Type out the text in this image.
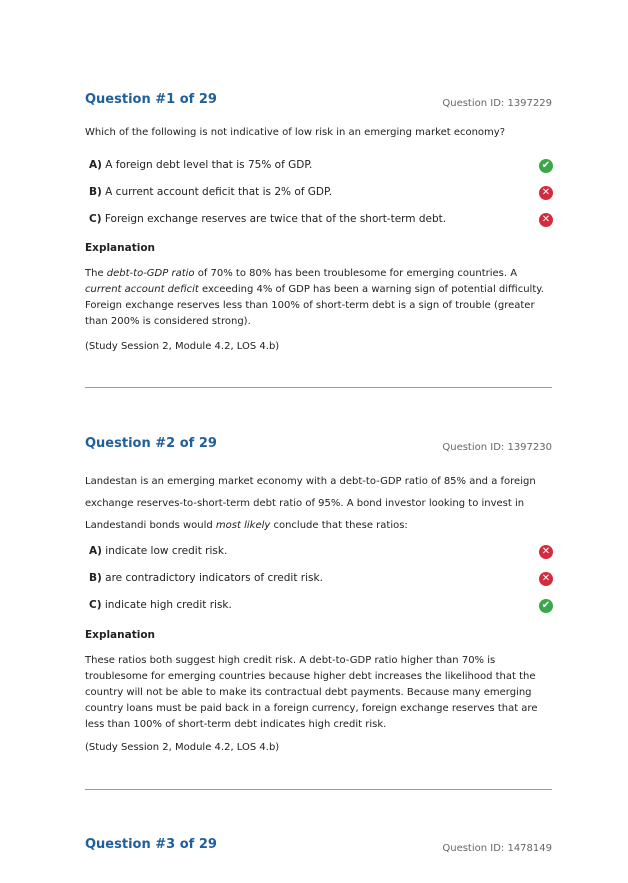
Question #1 of 29	Question ID: 1397229

Which of the following is not indicative of low risk in an emerging market economy?

A) A foreign debt level that is 75% of GDP.	✔
B) A current account deficit that is 2% of GDP.	✕
C) Foreign exchange reserves are twice that of the short-term debt.	✕
Explanation

The debt-to-GDP ratio of 70% to 80% has been troublesome for emerging countries. A current account deficit exceeding 4% of GDP has been a warning sign of potential difficulty. Foreign exchange reserves less than 100% of short-term debt is a sign of trouble (greater than 200% is considered strong).

(Study Session 2, Module 4.2, LOS 4.b)
Question #2 of 29	Question ID: 1397230

Landestan is an emerging market economy with a debt-to-GDP ratio of 85% and a foreign

exchange reserves-to-short-term debt ratio of 95%. A bond investor looking to invest in

Landestandi bonds would most likely conclude that these ratios:

A) indicate low credit risk.	✕
B) are contradictory indicators of credit risk.	✕
C) indicate high credit risk.	✔
Explanation

These ratios both suggest high credit risk. A debt-to-GDP ratio higher than 70% is troublesome for emerging countries because higher debt increases the likelihood that the country will not be able to make its contractual debt payments. Because many emerging country loans must be paid back in a foreign currency, foreign exchange reserves that are less than 100% of short-term debt indicates high credit risk.

(Study Session 2, Module 4.2, LOS 4.b)
Question #3 of 29	Question ID: 1478149
